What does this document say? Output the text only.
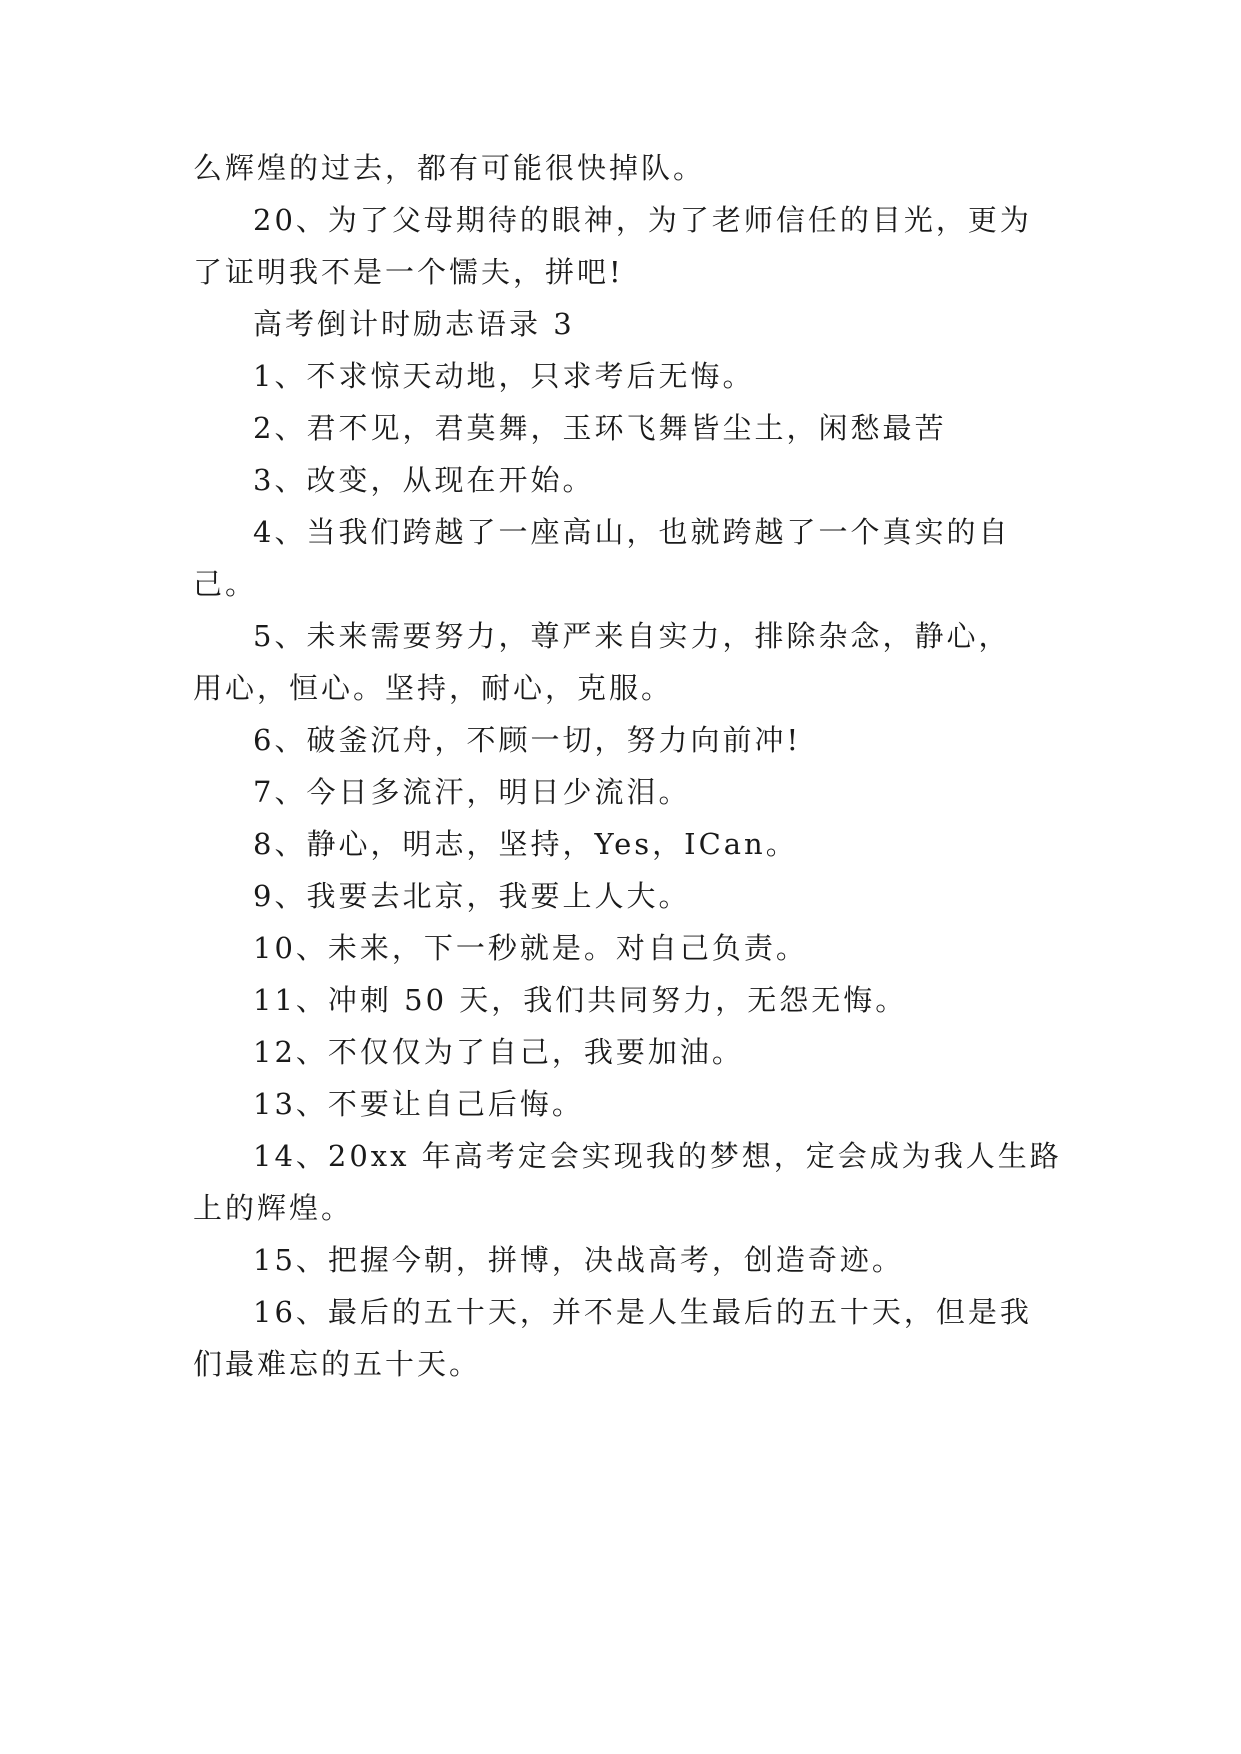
么辉煌的过去，都有可能很快掉队。

20、为了父母期待的眼神，为了老师信任的目光，更为

了证明我不是一个懦夫，拼吧!

高考倒计时励志语录 3

1、不求惊天动地，只求考后无悔。

2、君不见，君莫舞，玉环飞舞皆尘土，闲愁最苦

3、改变，从现在开始。

4、当我们跨越了一座高山，也就跨越了一个真实的自

己。

5、未来需要努力，尊严来自实力，排除杂念，静心，

用心，恒心。坚持，耐心，克服。

6、破釜沉舟，不顾一切，努力向前冲!

7、今日多流汗，明日少流泪。

8、静心，明志，坚持，Yes，ICan。

9、我要去北京，我要上人大。

10、未来，下一秒就是。对自己负责。

11、冲刺 50 天，我们共同努力，无怨无悔。

12、不仅仅为了自己，我要加油。

13、不要让自己后悔。

14、20xx 年高考定会实现我的梦想，定会成为我人生路

上的辉煌。

15、把握今朝，拼博，决战高考，创造奇迹。

16、最后的五十天，并不是人生最后的五十天，但是我

们最难忘的五十天。
